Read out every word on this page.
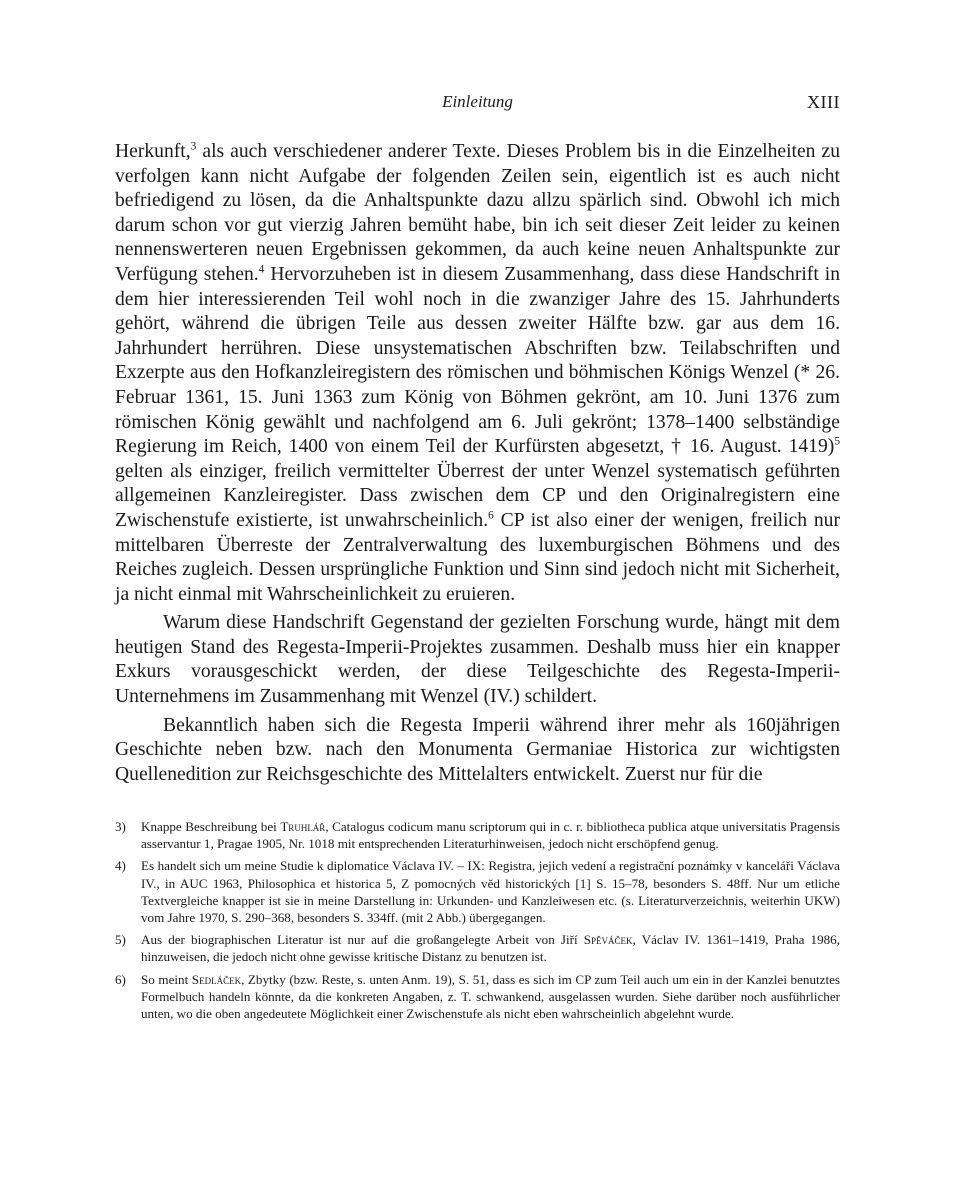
Einleitung	XIII

Herkunft,$^3$ als auch verschiedener anderer Texte. Dieses Problem bis in die Einzelheiten zu verfolgen kann nicht Aufgabe der folgenden Zeilen sein, eigentlich ist es auch nicht befriedigend zu lösen, da die Anhaltspunkte dazu allzu spärlich sind. Obwohl ich mich darum schon vor gut vierzig Jahren bemüht habe, bin ich seit dieser Zeit leider zu keinen nennenswerteren neuen Ergebnissen gekommen, da auch keine neuen Anhaltspunkte zur Verfügung stehen.$^4$ Hervorzuheben ist in diesem Zusammenhang, dass diese Handschrift in dem hier interessierenden Teil wohl noch in die zwanziger Jahre des 15. Jahrhunderts gehört, während die übrigen Teile aus dessen zweiter Hälfte bzw. gar aus dem 16. Jahrhundert herrühren. Diese unsystematischen Abschriften bzw. Teilabschriften und Exzerpte aus den Hofkanzleiregistern des römischen und böhmischen Königs Wenzel (* 26. Februar 1361, 15. Juni 1363 zum König von Böhmen gekrönt, am 10. Juni 1376 zum römischen König gewählt und nachfolgend am 6. Juli gekrönt; 1378–1400 selbständige Regierung im Reich, 1400 von einem Teil der Kurfürsten abgesetzt, † 16. August. 1419)$^5$ gelten als einziger, freilich vermittelter Überrest der unter Wenzel systematisch geführten allgemeinen Kanzleiregister. Dass zwischen dem CP und den Originalregistern eine Zwischenstufe existierte, ist unwahrscheinlich.$^6$ CP ist also einer der wenigen, freilich nur mittelbaren Überreste der Zentralverwaltung des luxemburgischen Böhmens und des Reiches zugleich. Dessen ursprüngliche Funktion und Sinn sind jedoch nicht mit Sicherheit, ja nicht einmal mit Wahrscheinlichkeit zu eruieren.

Warum diese Handschrift Gegenstand der gezielten Forschung wurde, hängt mit dem heutigen Stand des Regesta-Imperii-Projektes zusammen. Deshalb muss hier ein knapper Exkurs vorausgeschickt werden, der diese Teilgeschichte des Regesta-Imperii-Unternehmens im Zusammenhang mit Wenzel (IV.) schildert.

Bekanntlich haben sich die Regesta Imperii während ihrer mehr als 160jährigen Geschichte neben bzw. nach den Monumenta Germaniae Historica zur wichtigsten Quellenedition zur Reichsgeschichte des Mittelalters entwickelt. Zuerst nur für die

3)	Knappe Beschreibung bei Truhlář, Catalogus codicum manu scriptorum qui in c. r. bibliotheca publica atque universitatis Pragensis asservantur 1, Pragae 1905, Nr. 1018 mit entsprechenden Literaturhinweisen, jedoch nicht erschöpfend genug.
4)	Es handelt sich um meine Studie k diplomatice Václava IV. – IX: Registra, jejich vedení a registrační poznámky v kanceláři Václava IV., in AUC 1963, Philosophica et historica 5, Z pomocných věd historických [1] S. 15–78, besonders S. 48ff. Nur um etliche Textvergleiche knapper ist sie in meine Darstellung in: Urkunden- und Kanzleiwesen etc. (s. Literaturverzeichnis, weiterhin UKW) vom Jahre 1970, S. 290–368, besonders S. 334ff. (mit 2 Abb.) übergegangen.
5)	Aus der biographischen Literatur ist nur auf die großangelegte Arbeit von Jiří Spěváček, Václav IV. 1361–1419, Praha 1986, hinzuweisen, die jedoch nicht ohne gewisse kritische Distanz zu benutzen ist.
6)	So meint Sedláček, Zbytky (bzw. Reste, s. unten Anm. 19), S. 51, dass es sich im CP zum Teil auch um ein in der Kanzlei benutztes Formelbuch handeln könnte, da die konkreten Angaben, z. T. schwankend, ausgelassen wurden. Siehe darüber noch ausführlicher unten, wo die oben angedeutete Möglichkeit einer Zwischenstufe als nicht eben wahrscheinlich abgelehnt wurde.
